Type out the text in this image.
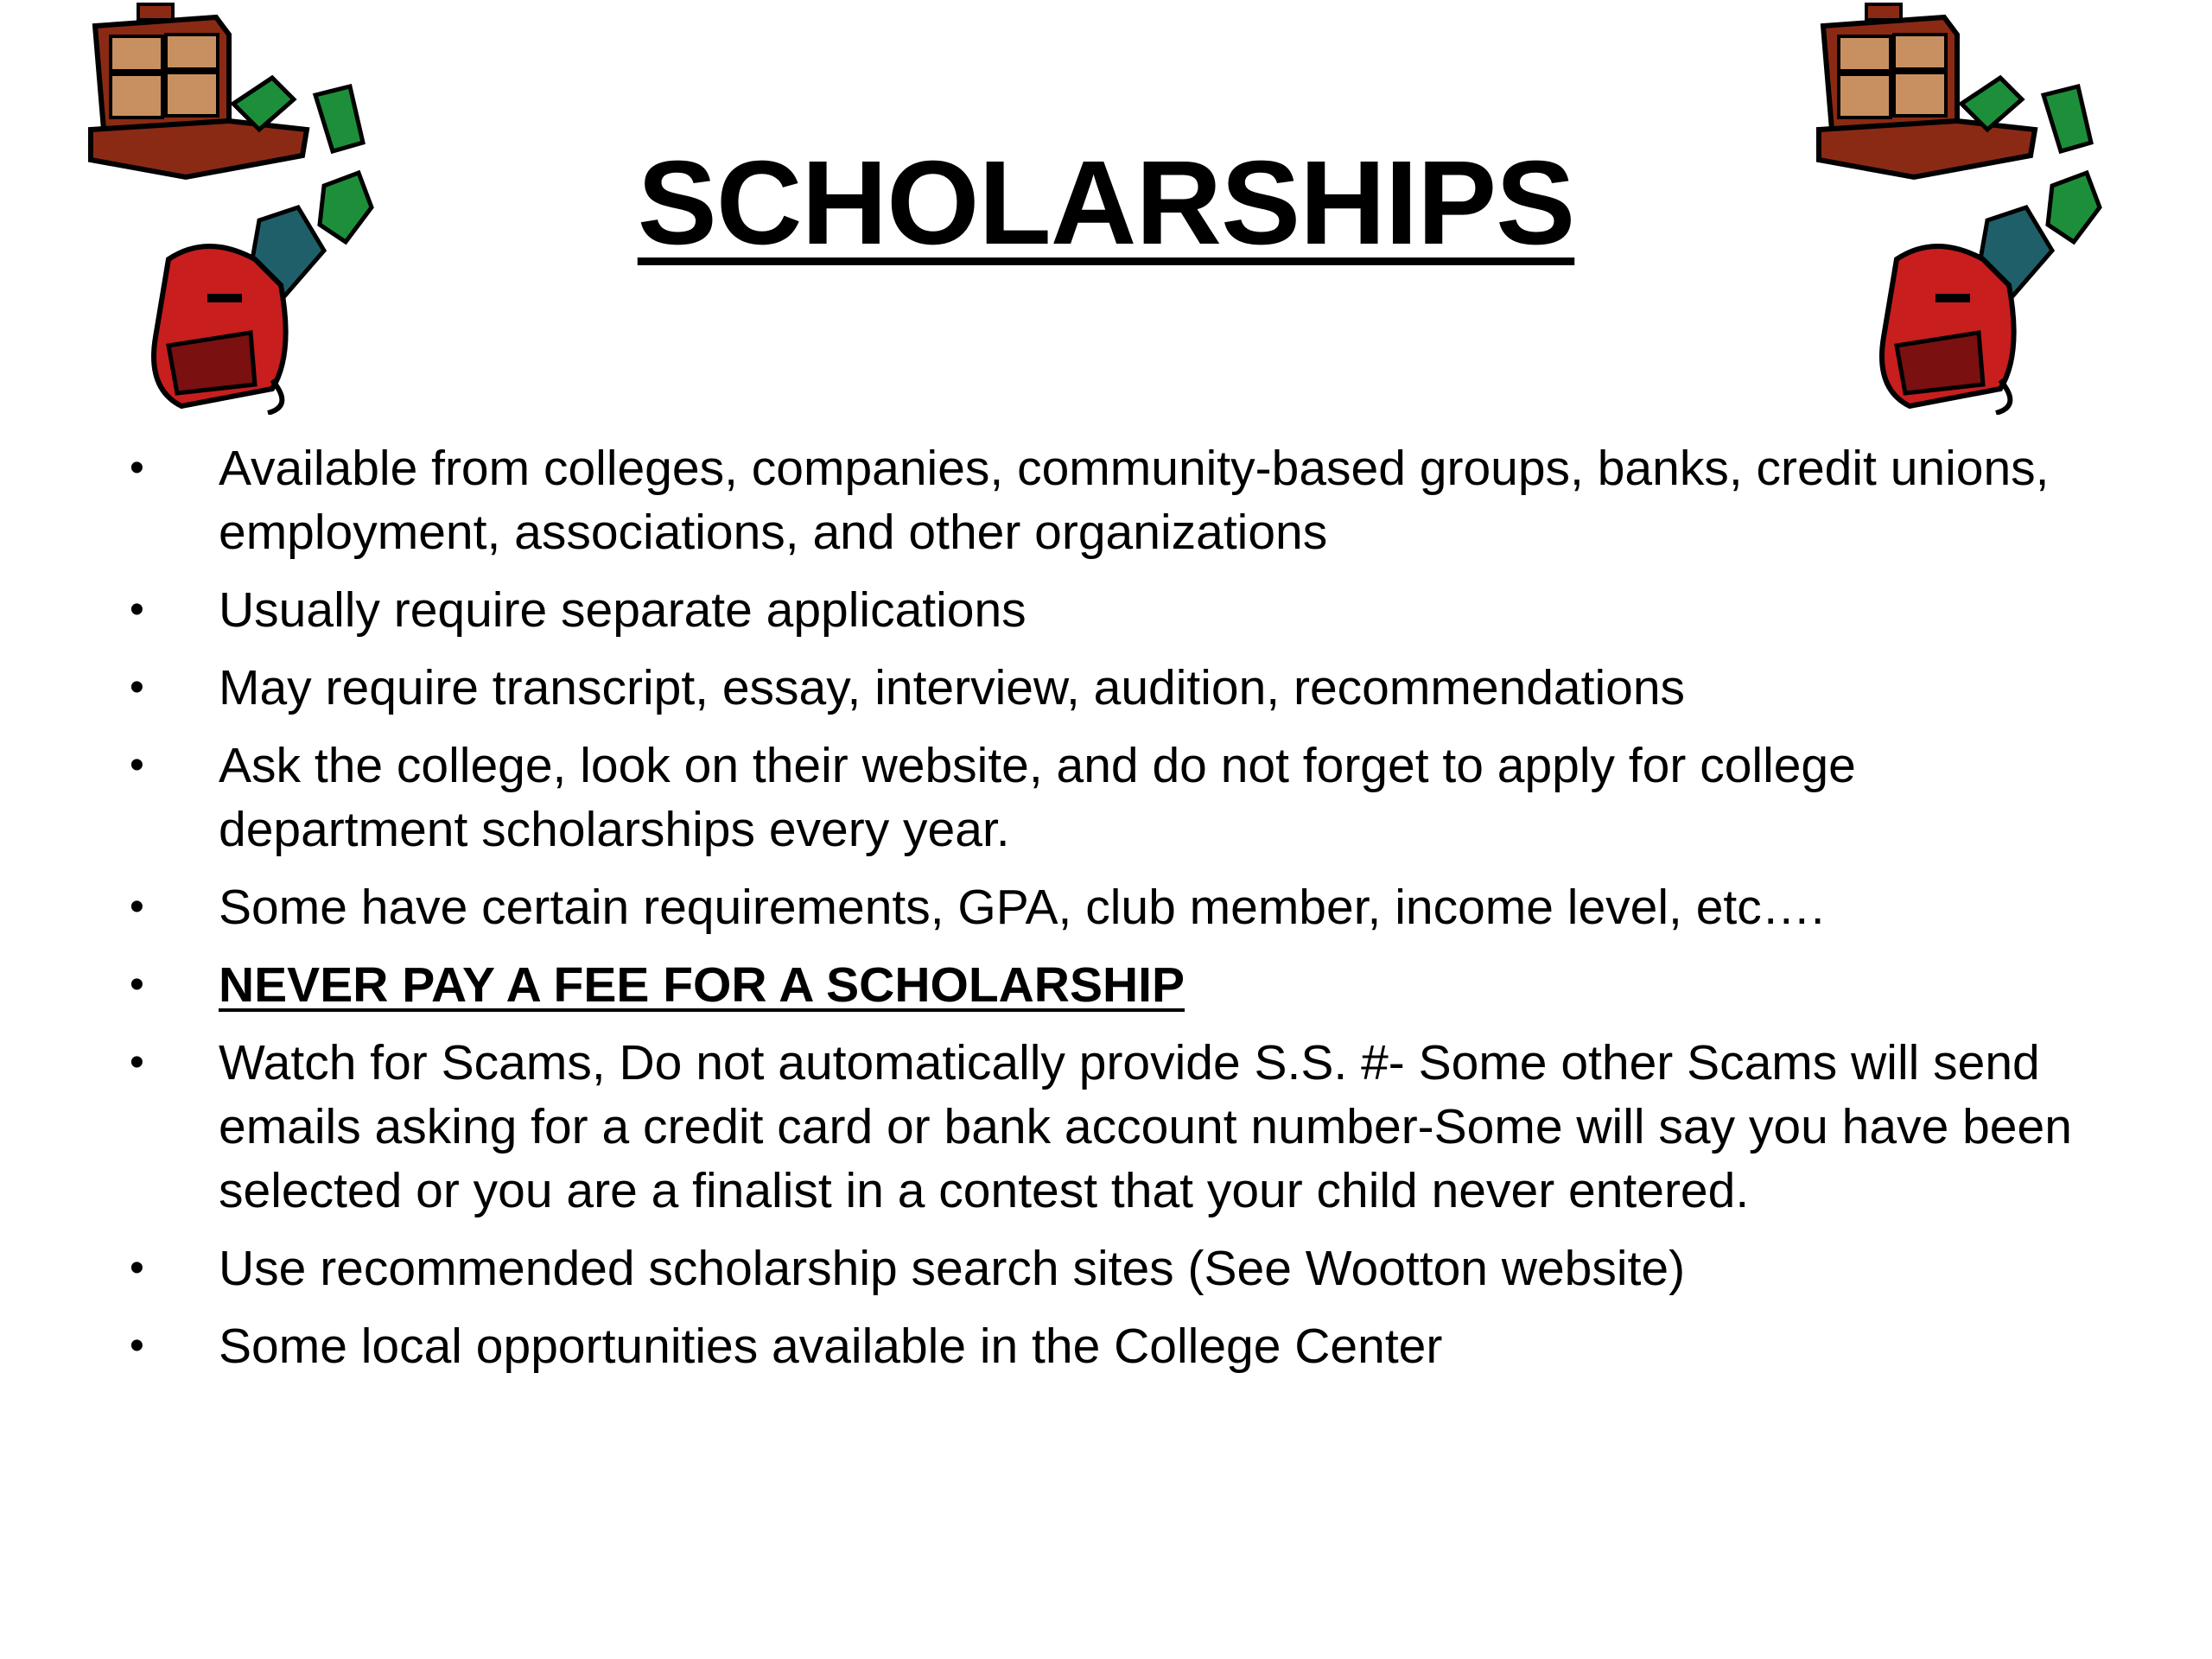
SCHOLARSHIPS
• Available from colleges, companies, community-based groups, banks, credit unions, employment, associations, and other organizations
• Usually require separate applications
• May require transcript, essay, interview, audition, recommendations
• Ask the college, look on their website, and do not forget to apply for college department scholarships every year.
• Some have certain requirements, GPA, club member, income level, etc….
• NEVER PAY A FEE FOR A SCHOLARSHIP
• Watch for Scams, Do not automatically provide S.S. #- Some other Scams will send emails asking for a credit card or bank account number-Some will say you have been selected or you are a finalist in a contest that your child never entered.
• Use recommended scholarship search sites (See Wootton website)
• Some local opportunities available in the College Center
